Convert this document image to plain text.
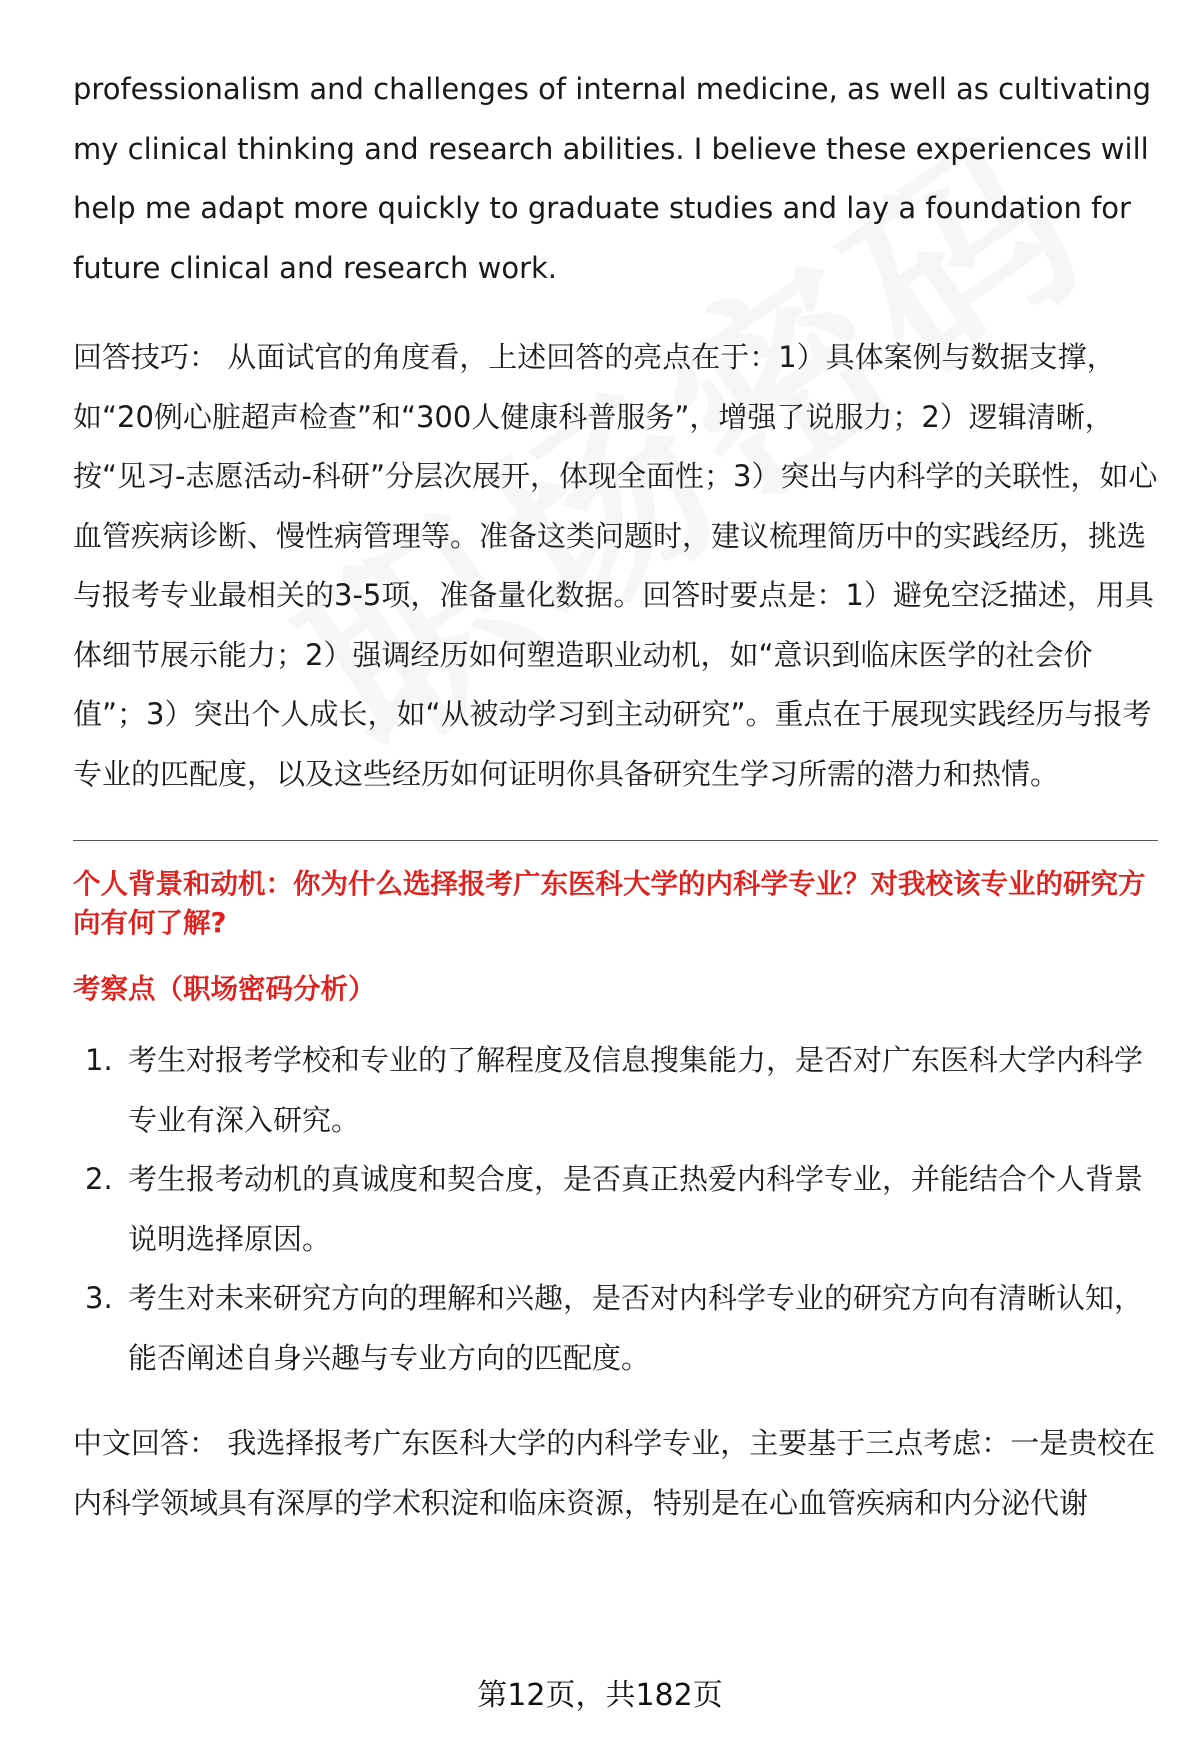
professionalism and challenges of internal medicine, as well as cultivating my clinical thinking and research abilities. I believe these experiences will help me adapt more quickly to graduate studies and lay a foundation for future clinical and research work.

回答技巧： 从面试官的角度看，上述回答的亮点在于：1）具体案例与数据支撑，如“20例心脏超声检查”和“300人健康科普服务”，增强了说服力；2）逻辑清晰，按“见习-志愿活动-科研”分层次展开，体现全面性；3）突出与内科学的关联性，如心血管疾病诊断、慢性病管理等。准备这类问题时，建议梳理简历中的实践经历，挑选与报考专业最相关的3-5项，准备量化数据。回答时要点是：1）避免空泛描述，用具体细节展示能力；2）强调经历如何塑造职业动机，如“意识到临床医学的社会价值”；3）突出个人成长，如“从被动学习到主动研究”。重点在于展现实践经历与报考专业的匹配度，以及这些经历如何证明你具备研究生学习所需的潜力和热情。

个人背景和动机：你为什么选择报考广东医科大学的内科学专业？对我校该专业的研究方向有何了解?

考察点（职场密码分析）

1. 考生对报考学校和专业的了解程度及信息搜集能力，是否对广东医科大学内科学专业有深入研究。
2. 考生报考动机的真诚度和契合度，是否真正热爱内科学专业，并能结合个人背景说明选择原因。
3. 考生对未来研究方向的理解和兴趣，是否对内科学专业的研究方向有清晰认知，能否阐述自身兴趣与专业方向的匹配度。

中文回答： 我选择报考广东医科大学的内科学专业，主要基于三点考虑：一是贵校在内科学领域具有深厚的学术积淀和临床资源，特别是在心血管疾病和内分泌代谢

第12页，共182页
